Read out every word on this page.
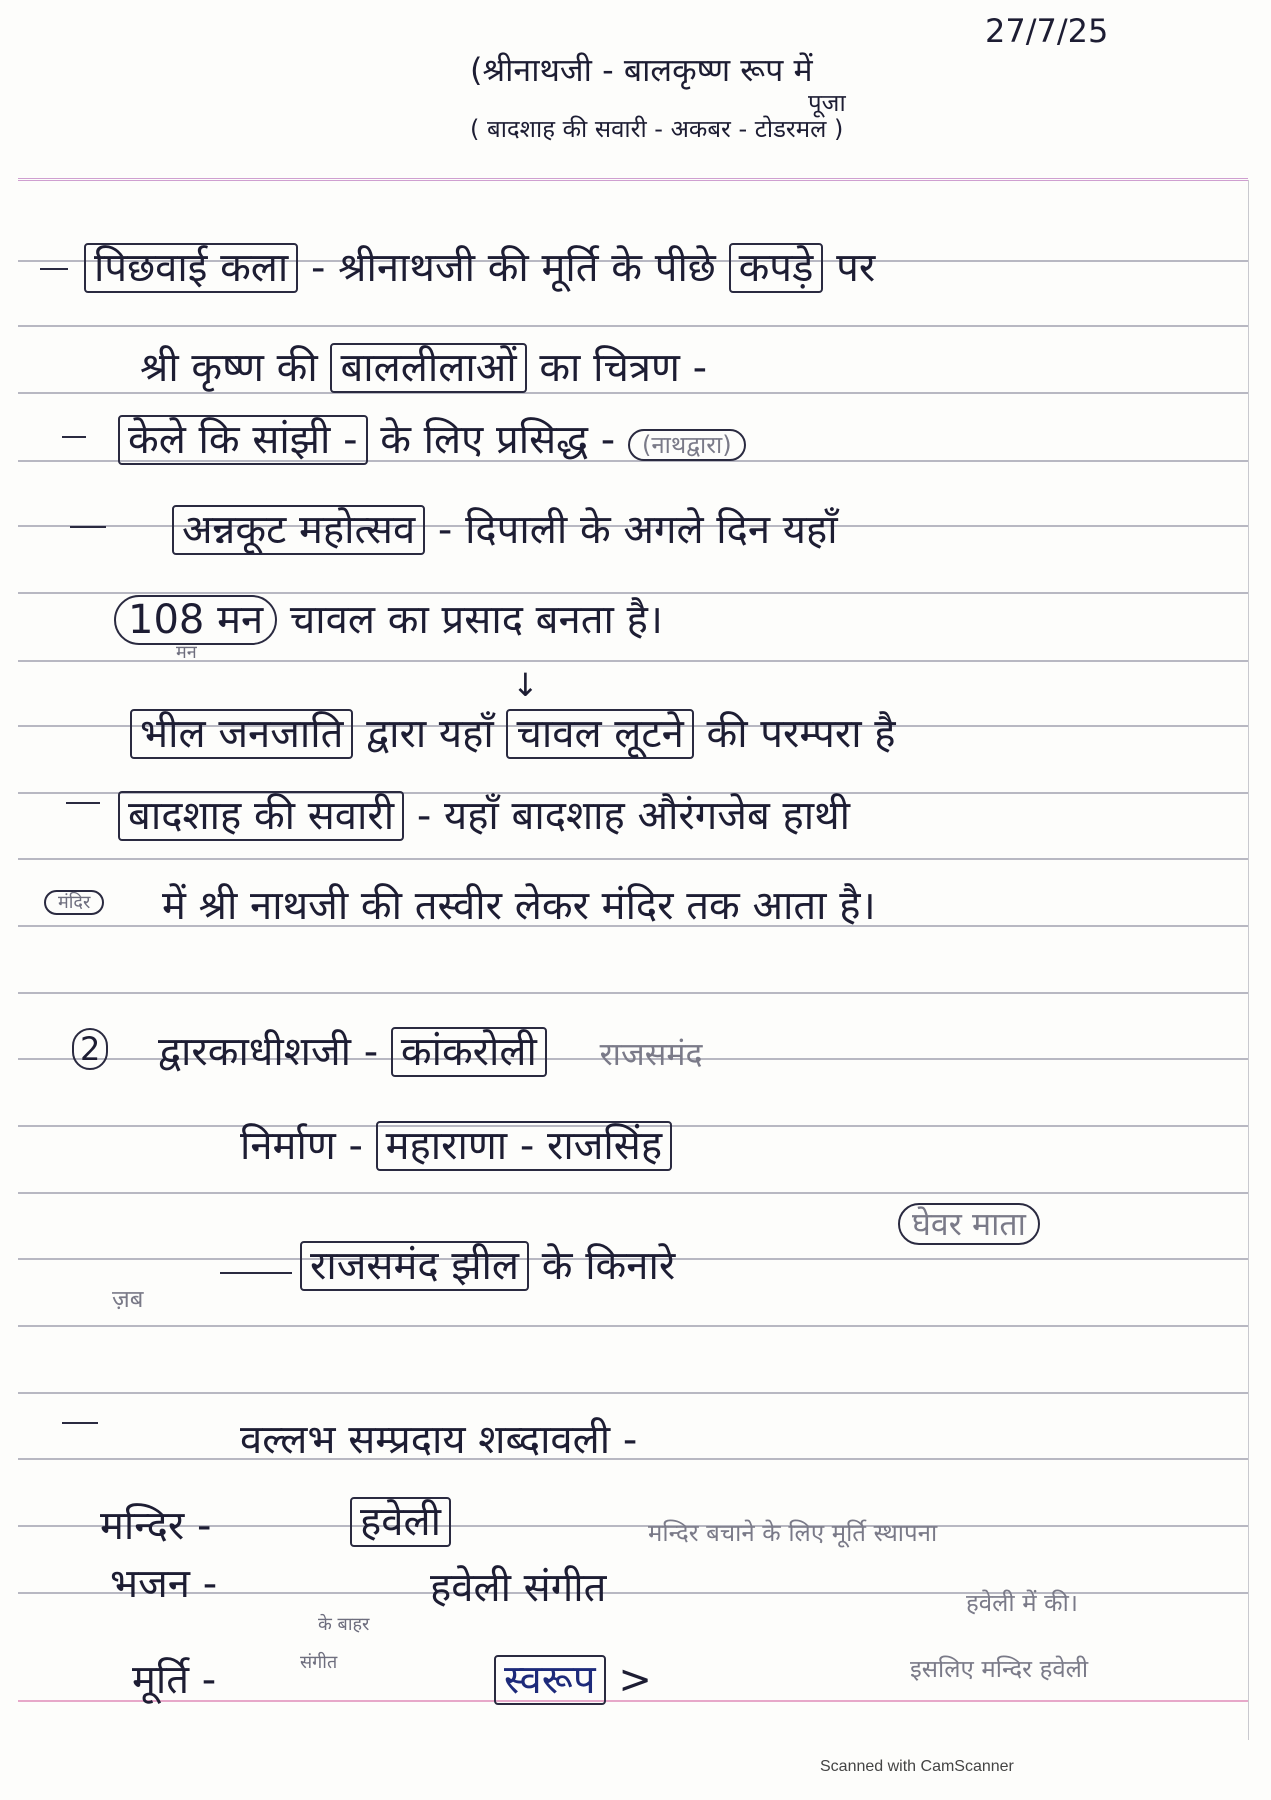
27/7/25
(श्रीनाथजी - बालकृष्ण रूप में
पूजा
( बादशाह की सवारी - अकबर - टोडरमल )
पिछवाई कला - श्रीनाथजी की मूर्ति के पीछे कपड़े पर
श्री कृष्ण की बाललीलाओं का चित्रण -
केले कि सांझी - के लिए प्रसिद्ध - (नाथद्वारा)
अन्नकूट महोत्सव - दिपाली के अगले दिन यहाँ
108 मन चावल का प्रसाद बनता है।
मन
↓
भील जनजाति द्वारा यहाँ चावल लूटने की परम्परा है
बादशाह की सवारी - यहाँ बादशाह औरंगजेब हाथी
मंदिर	में श्री नाथजी की तस्वीर लेकर मंदिर तक आता है।
2 द्वारकाधीशजी - कांकरोली राजसमंद
निर्माण - महाराणा - राजसिंह
घेवर माता
ज़ब
राजसमंद झील के किनारे
वल्लभ सम्प्रदाय शब्दावली -
मन्दिर -	हवेली	मन्दिर बचाने के लिए मूर्ति स्थापना
भजन -	हवेली संगीत	हवेली में की।
के बाहर
मूर्ति -	संगीत	स्वरूप >	इसलिए मन्दिर हवेली
Scanned with CamScanner
